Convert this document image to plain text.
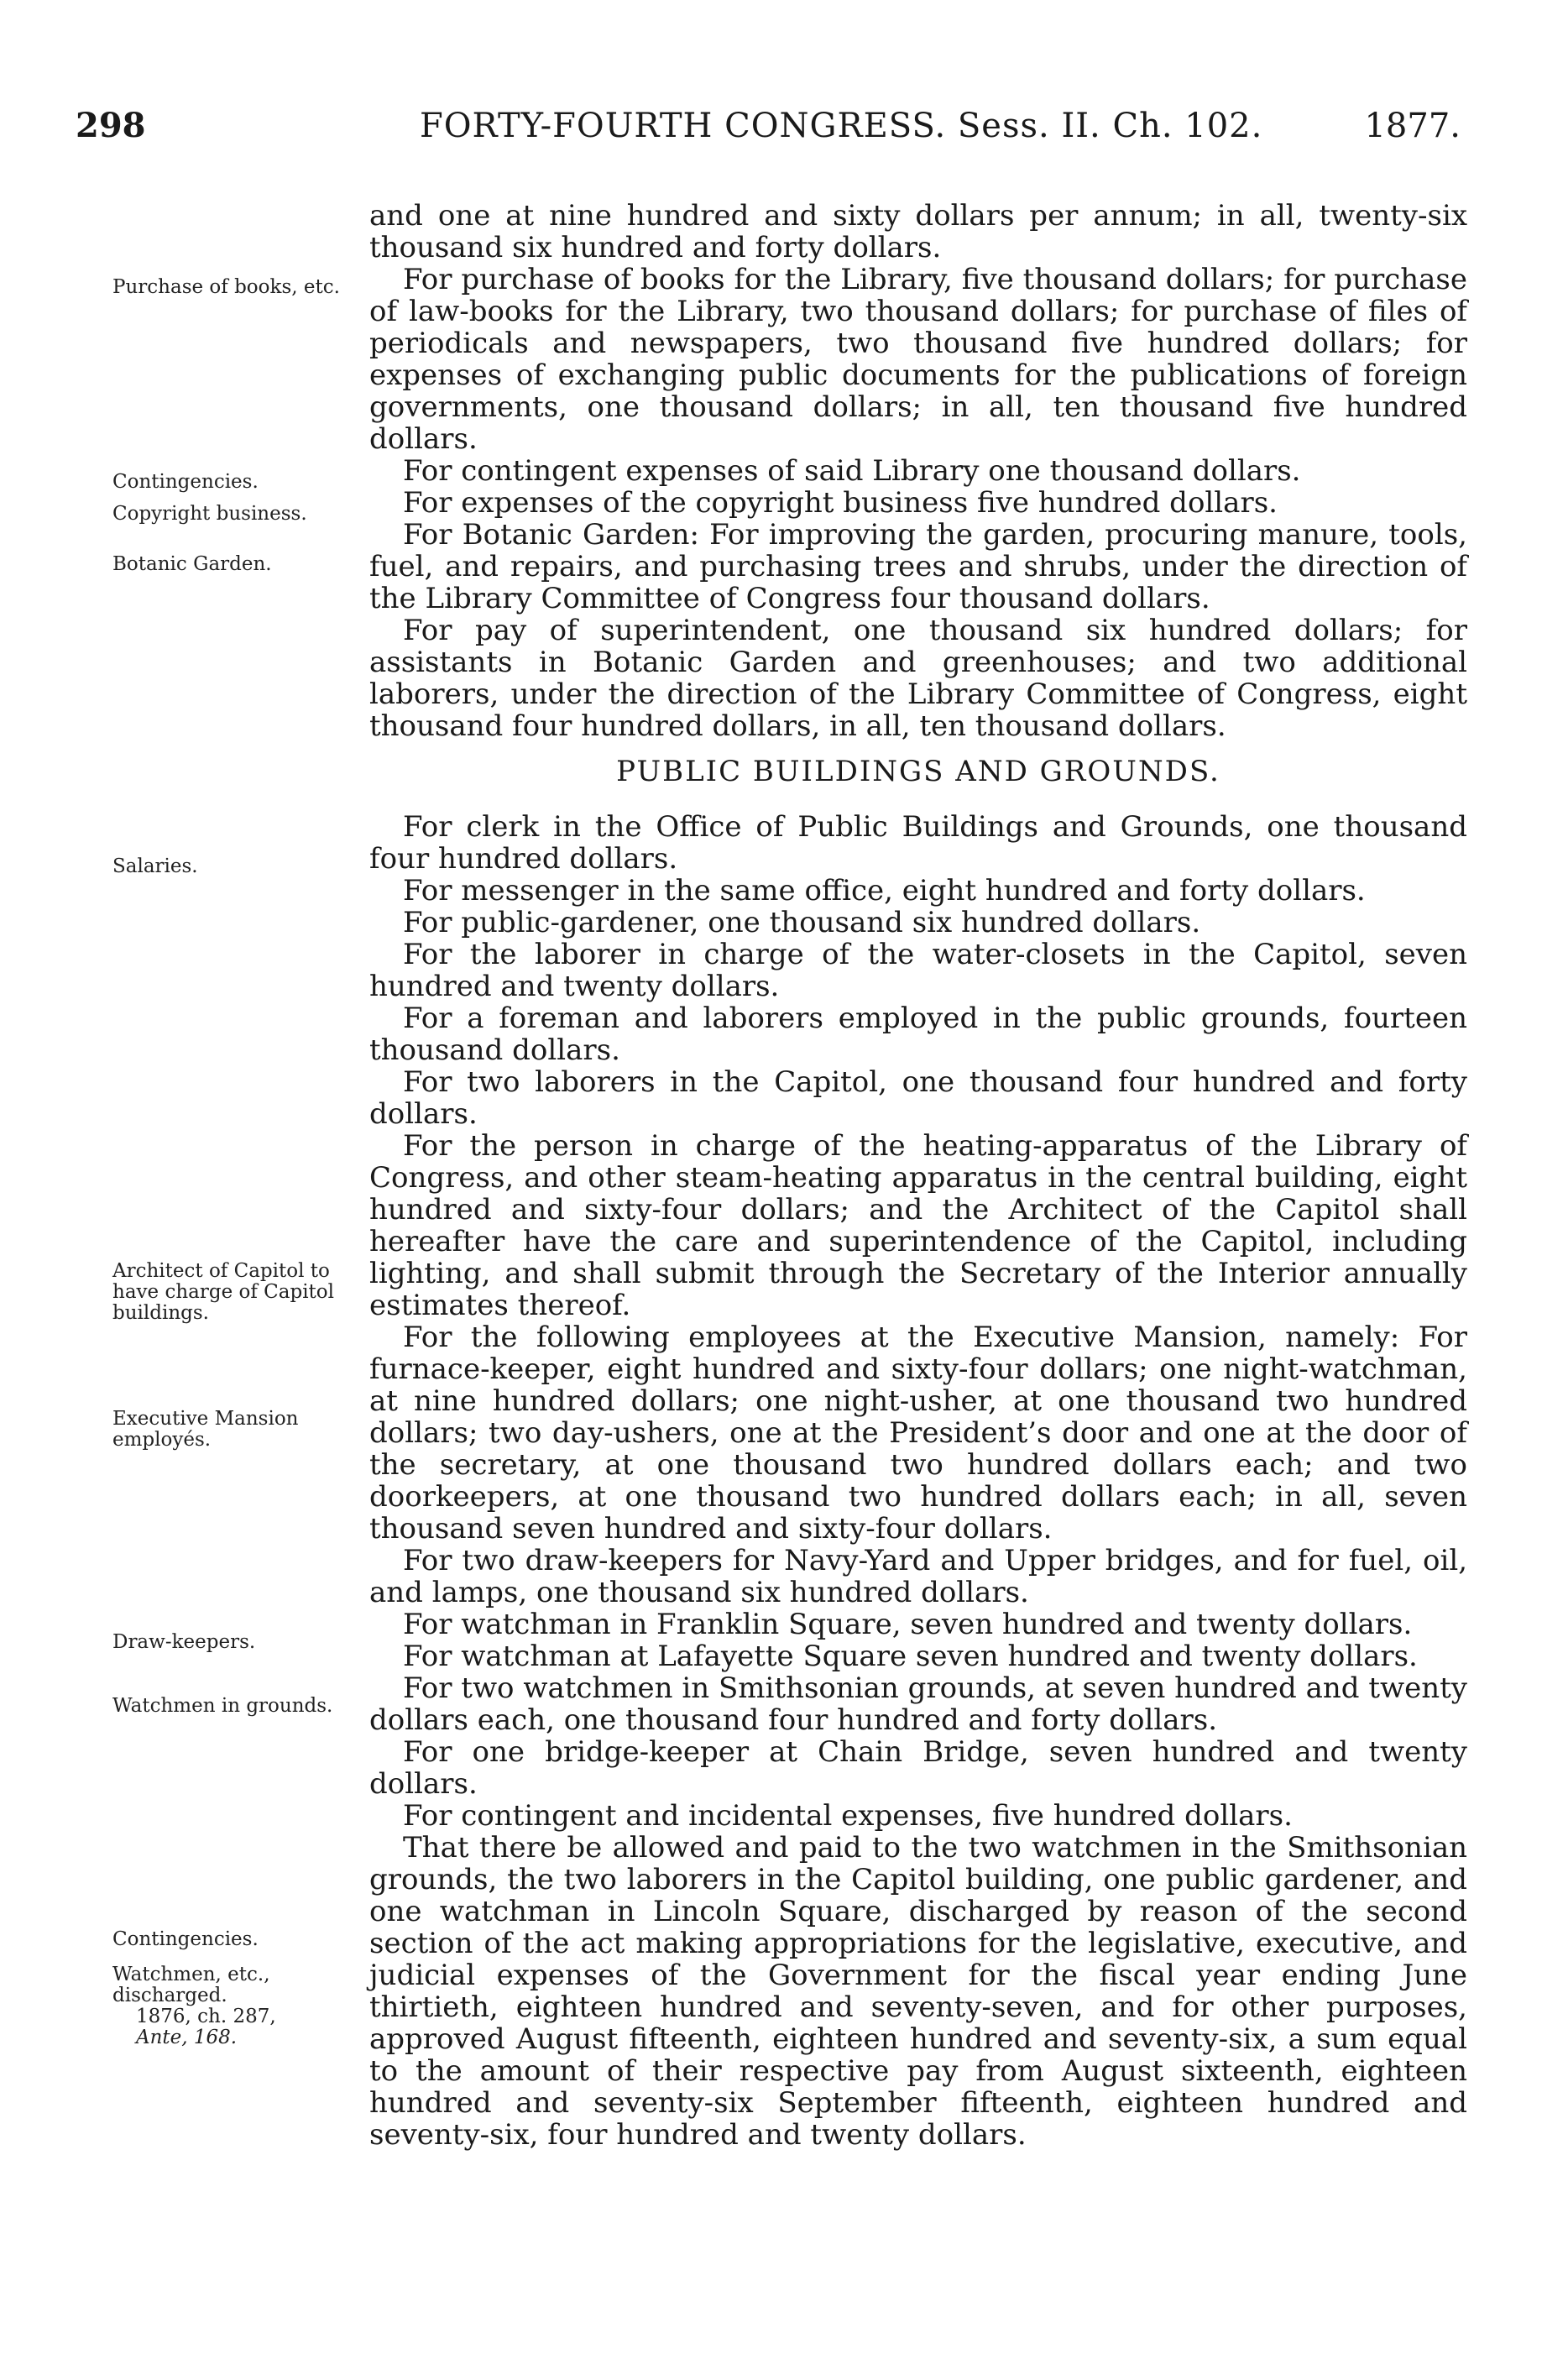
298	FORTY-FOURTH CONGRESS. Sess. II. Ch. 102.	1877.
Purchase of books, etc.
Contingencies.
Copyright business.
Botanic Garden.
Salaries.
Architect of Capitol to have charge of Capitol buildings.
Executive Mansion employés.
Draw-keepers.
Watchmen in grounds.
Contingencies.
Watchmen, etc., discharged.
1876, ch. 287,
Ante, 168.

and one at nine hundred and sixty dollars per annum; in all, twenty-six thousand six hundred and forty dollars.

For purchase of books for the Library, five thousand dollars; for purchase of law-books for the Library, two thousand dollars; for purchase of files of periodicals and newspapers, two thousand five hundred dollars; for expenses of exchanging public documents for the publications of foreign governments, one thousand dollars; in all, ten thousand five hundred dollars.

For contingent expenses of said Library one thousand dollars.

For expenses of the copyright business five hundred dollars.

For Botanic Garden: For improving the garden, procuring manure, tools, fuel, and repairs, and purchasing trees and shrubs, under the direction of the Library Committee of Congress four thousand dollars.

For pay of superintendent, one thousand six hundred dollars; for assistants in Botanic Garden and greenhouses; and two additional laborers, under the direction of the Library Committee of Congress, eight thousand four hundred dollars, in all, ten thousand dollars.

PUBLIC BUILDINGS AND GROUNDS.

For clerk in the Office of Public Buildings and Grounds, one thousand four hundred dollars.

For messenger in the same office, eight hundred and forty dollars.

For public-gardener, one thousand six hundred dollars.

For the laborer in charge of the water-closets in the Capitol, seven hundred and twenty dollars.

For a foreman and laborers employed in the public grounds, fourteen thousand dollars.

For two laborers in the Capitol, one thousand four hundred and forty dollars.

For the person in charge of the heating-apparatus of the Library of Congress, and other steam-heating apparatus in the central building, eight hundred and sixty-four dollars; and the Architect of the Capitol shall hereafter have the care and superintendence of the Capitol, including lighting, and shall submit through the Secretary of the Interior annually estimates thereof.

For the following employees at the Executive Mansion, namely: For furnace-keeper, eight hundred and sixty-four dollars; one night-watchman, at nine hundred dollars; one night-usher, at one thousand two hundred dollars; two day-ushers, one at the President’s door and one at the door of the secretary, at one thousand two hundred dollars each; and two doorkeepers, at one thousand two hundred dollars each; in all, seven thousand seven hundred and sixty-four dollars.

For two draw-keepers for Navy-Yard and Upper bridges, and for fuel, oil, and lamps, one thousand six hundred dollars.

For watchman in Franklin Square, seven hundred and twenty dollars.

For watchman at Lafayette Square seven hundred and twenty dollars.

For two watchmen in Smithsonian grounds, at seven hundred and twenty dollars each, one thousand four hundred and forty dollars.

For one bridge-keeper at Chain Bridge, seven hundred and twenty dollars.

For contingent and incidental expenses, five hundred dollars.

That there be allowed and paid to the two watchmen in the Smithsonian grounds, the two laborers in the Capitol building, one public gardener, and one watchman in Lincoln Square, discharged by reason of the second section of the act making appropriations for the legislative, executive, and judicial expenses of the Government for the fiscal year ending June thirtieth, eighteen hundred and seventy-seven, and for other purposes, approved August fifteenth, eighteen hundred and seventy-six, a sum equal to the amount of their respective pay from August sixteenth, eighteen hundred and seventy-six September fifteenth, eighteen hundred and seventy-six, four hundred and twenty dollars.
